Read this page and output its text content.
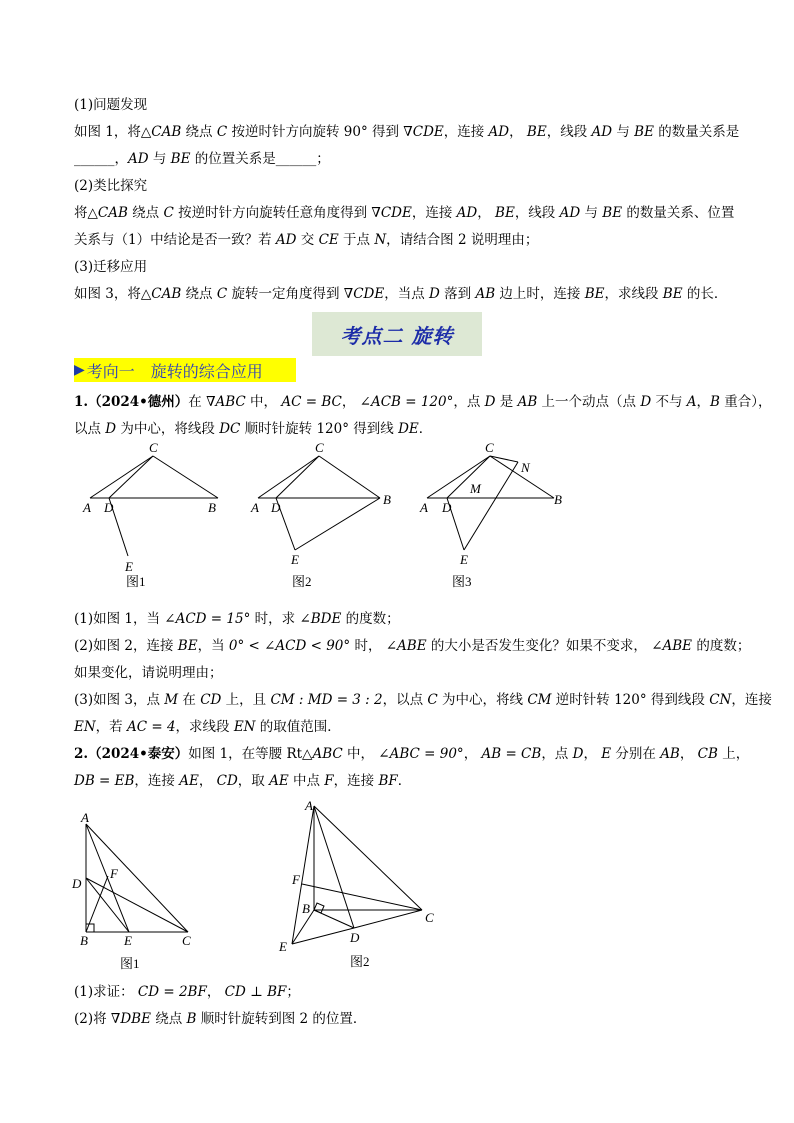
(1)问题发现

如图 1，将△CAB 绕点 C 按逆时针方向旋转 90° 得到 ∇CDE，连接 AD， BE，线段 AD 与 BE 的数量关系是

______，AD 与 BE 的位置关系是______；

(2)类比探究

将△CAB 绕点 C 按逆时针方向旋转任意角度得到 ∇CDE，连接 AD， BE，线段 AD 与 BE 的数量关系、位置

关系与（1）中结论是否一致？若 AD 交 CE 于点 N，请结合图 2 说明理由；

(3)迁移应用

如图 3，将△CAB 绕点 C 旋转一定角度得到 ∇CDE，当点 D 落到 AB 边上时，连接 BE，求线段 BE 的长．

考点二 旋转
▶ 考向一 旋转的综合应用

1.（2024•德州）在 ∇ABC 中， AC = BC， ∠ACB = 120°，点 D 是 AB 上一个动点（点 D 不与 A，B 重合），

以点 D 为中心，将线段 DC 顺时针旋转 120° 得到线 DE．

C
A D	B
E
图1
C
A D
B
E
图2
C
N
M
A D
B
E
图3

(1)如图 1，当 ∠ACD = 15° 时，求 ∠BDE 的度数；

(2)如图 2，连接 BE，当 0° < ∠ACD < 90° 时， ∠ABE 的大小是否发生变化？如果不变求， ∠ABE 的度数；

如果变化，请说明理由；

(3)如图 3，点 M 在 CD 上，且 CM : MD = 3 : 2，以点 C 为中心，将线 CM 逆时针转 120° 得到线段 CN，连接

EN，若 AC = 4，求线段 EN 的取值范围．

2.（2024•泰安）如图 1，在等腰 Rt△ABC 中， ∠ABC = 90°， AB = CB，点 D， E 分别在 AB， CB 上，

DB = EB，连接 AE， CD，取 AE 中点 F，连接 BF．

A
D
F
B	E	C
图1
A
F
B
C
D
E
图2

(1)求证： CD = 2BF， CD ⊥ BF；

(2)将 ∇DBE 绕点 B 顺时针旋转到图 2 的位置．
